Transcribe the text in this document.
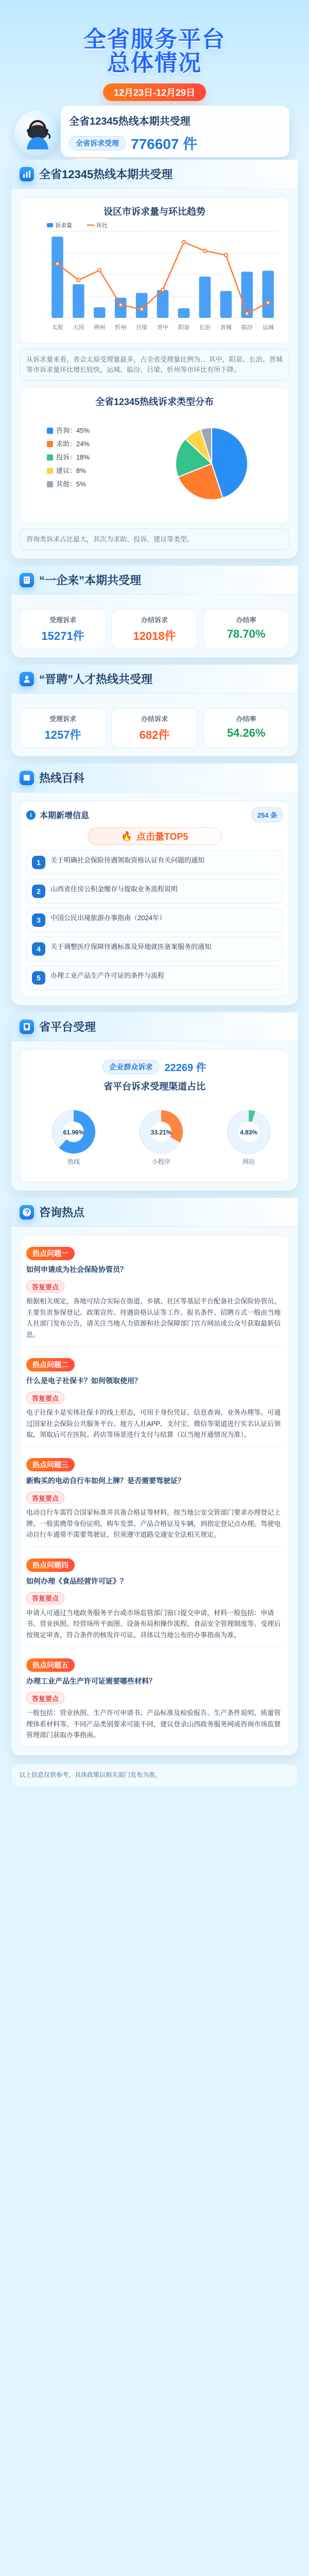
全省服务平台
总体情况
12月23日-12月29日
全省12345热线本期共受理
全省诉求受理 776607 件
全省12345热线本期共受理
设区市诉求量与环比趋势
太原 大同 朔州 忻州 吕梁 晋中 阳泉 长治 晋城 临汾 运城
诉求量	环比
从诉求量来看，省会太原受理量最多，占全省受理量比例为… 其中，阳泉、长治、晋城等市诉求量环比增长较快，运城、临汾、吕梁、忻州等市环比有所下降。
全省12345热线诉求类型分布
咨询：45%
求助：24%
投诉：18%
建议：8%
其他：5%
咨询类诉求占比最大，其次为求助、投诉、建议等类型。
“一企来”本期共受理
受理诉求
15271件
办结诉求
12018件
办结率
78.70%
“晋聘”人才热线共受理
受理诉求
1257件
办结诉求
682件
办结率
54.26%
热线百科
i 本期新增信息	254 条
🔥 点击量TOP5
1	关于明确社会保险待遇领取资格认证有关问题的通知
2	山西省住房公积金缴存与提取业务流程说明
3	中国公民出境旅游办事指南（2024年）
4	关于调整医疗保障待遇标准及异地就医备案服务的通知
5	办理工业产品生产许可证的条件与流程
省平台受理
企业群众诉求	22269 件
省平台诉求受理渠道占比
61.96%
热线
33.21%
小程序
4.83%
网站
咨询热点
热点问题一
如何申请成为社会保险协管员？
答复要点
根据相关规定，各地可结合实际在街道、乡镇、社区等基层平台配备社会保险协管员，主要负责参保登记、政策宣传、待遇资格认证等工作。报名条件、招聘方式一般由当地人社部门发布公告，请关注当地人力资源和社会保障部门官方网站或公众号获取最新信息。
热点问题二
什么是电子社保卡？如何领取使用？
答复要点
电子社保卡是实体社保卡的线上形态，可用于身份凭证、信息查询、业务办理等。可通过国家社会保险公共服务平台、地方人社APP、支付宝、微信等渠道进行实名认证后领取。领取后可在医院、药店等场景进行支付与结算（以当地开通情况为准）。
热点问题三
新购买的电动自行车如何上牌？是否需要驾驶证？
答复要点
电动自行车需符合国家标准并具备合格证等材料，按当地公安交管部门要求办理登记上牌。一般需携带身份证明、购车发票、产品合格证及车辆，到指定登记点办理。驾驶电动自行车通常不需要驾驶证，但须遵守道路交通安全法相关规定。
热点问题四
如何办理《食品经营许可证》？
答复要点
申请人可通过当地政务服务平台或市场监管部门窗口提交申请，材料一般包括：申请书、营业执照、经营场所平面图、设备布局和操作流程、食品安全管理制度等。受理后按规定审查，符合条件的核发许可证。具体以当地公布的办事指南为准。
热点问题五
办理工业产品生产许可证需要哪些材料？
答复要点
一般包括：营业执照、生产许可申请书、产品标准及检验报告、生产条件说明、质量管理体系材料等。不同产品类别要求可能不同，建议登录山西政务服务网或咨询市场监督管理部门获取办事指南。
以上信息仅供参考，具体政策以相关部门发布为准。
